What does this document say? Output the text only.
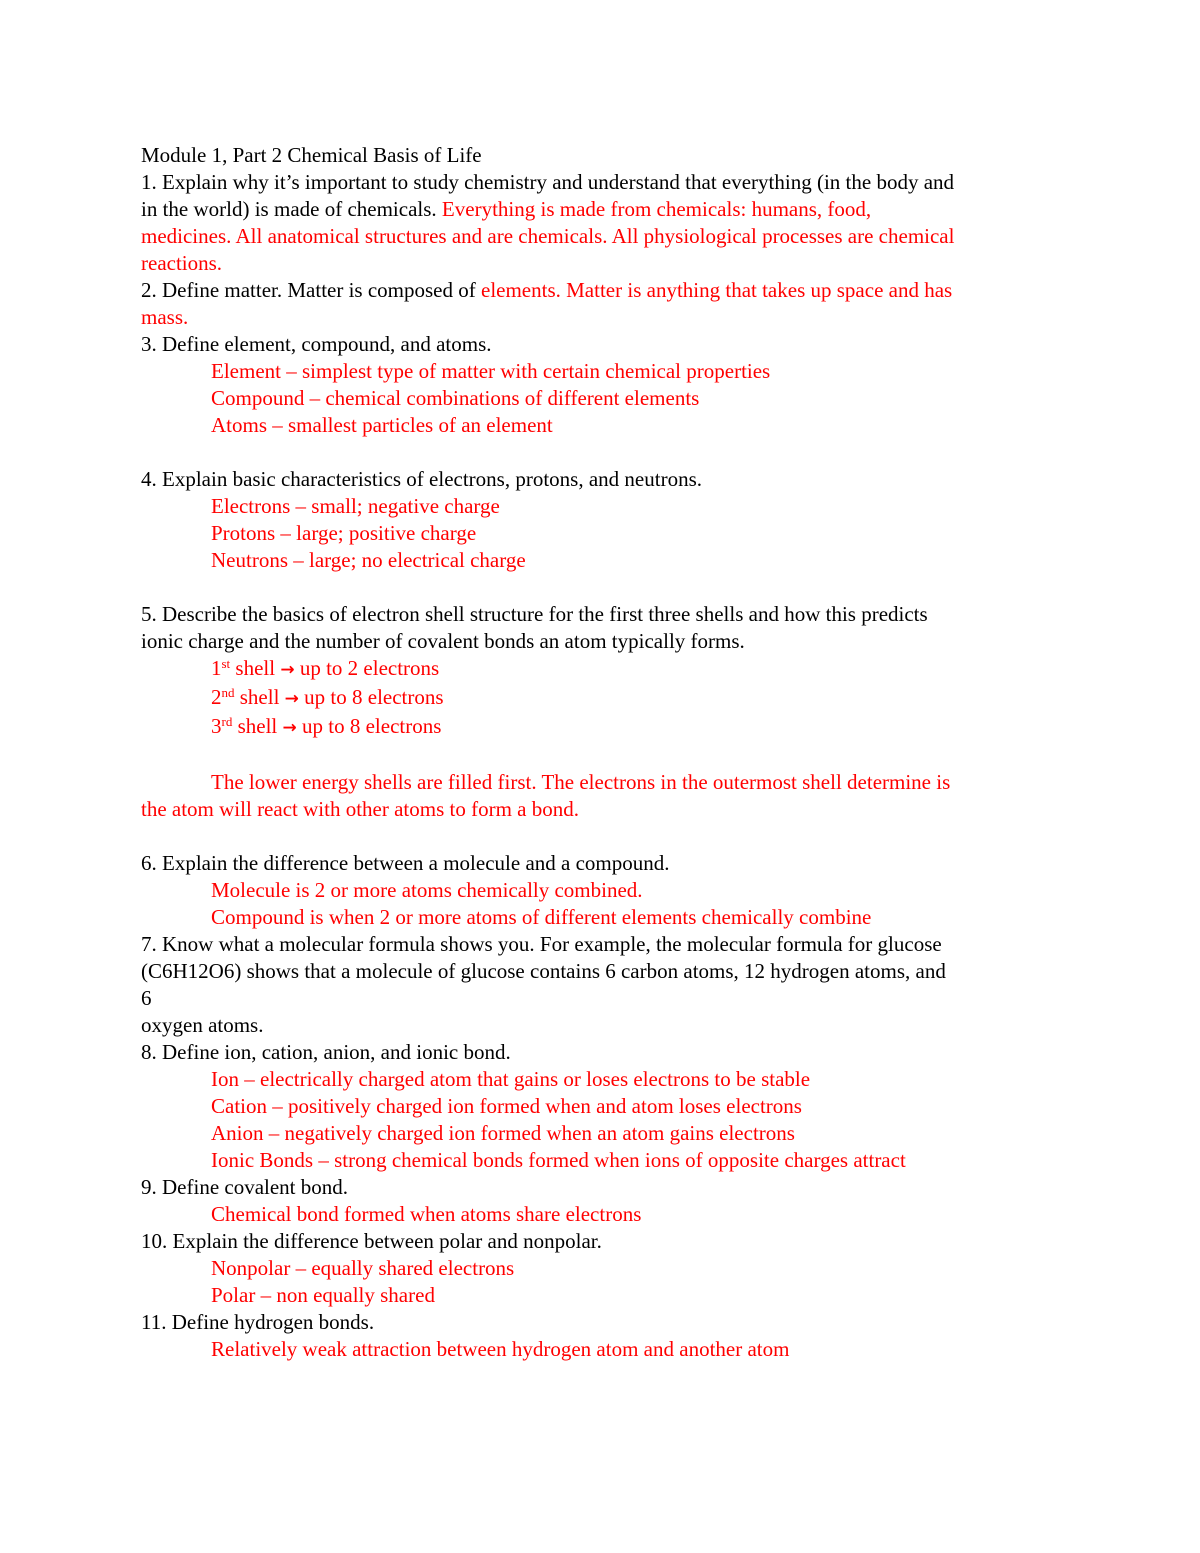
Module 1, Part 2 Chemical Basis of Life
1. Explain why it’s important to study chemistry and understand that everything (in the body and
in the world) is made of chemicals. Everything is made from chemicals: humans, food,
medicines. All anatomical structures and are chemicals. All physiological processes are chemical
reactions.
2. Define matter. Matter is composed of elements. Matter is anything that takes up space and has
mass.
3. Define element, compound, and atoms.
Element – simplest type of matter with certain chemical properties
Compound – chemical combinations of different elements
Atoms – smallest particles of an element
4. Explain basic characteristics of electrons, protons, and neutrons.
Electrons – small; negative charge
Protons – large; positive charge
Neutrons – large; no electrical charge
5. Describe the basics of electron shell structure for the first three shells and how this predicts
ionic charge and the number of covalent bonds an atom typically forms.
1st shell → up to 2 electrons
2nd shell → up to 8 electrons
3rd shell → up to 8 electrons
The lower energy shells are filled first. The electrons in the outermost shell determine is
the atom will react with other atoms to form a bond.
6. Explain the difference between a molecule and a compound.
Molecule is 2 or more atoms chemically combined.
Compound is when 2 or more atoms of different elements chemically combine
7. Know what a molecular formula shows you. For example, the molecular formula for glucose
(C6H12O6) shows that a molecule of glucose contains 6 carbon atoms, 12 hydrogen atoms, and
6
oxygen atoms.
8. Define ion, cation, anion, and ionic bond.
Ion – electrically charged atom that gains or loses electrons to be stable
Cation – positively charged ion formed when and atom loses electrons
Anion – negatively charged ion formed when an atom gains electrons
Ionic Bonds – strong chemical bonds formed when ions of opposite charges attract
9. Define covalent bond.
Chemical bond formed when atoms share electrons
10. Explain the difference between polar and nonpolar.
Nonpolar – equally shared electrons
Polar – non equally shared
11. Define hydrogen bonds.
Relatively weak attraction between hydrogen atom and another atom
